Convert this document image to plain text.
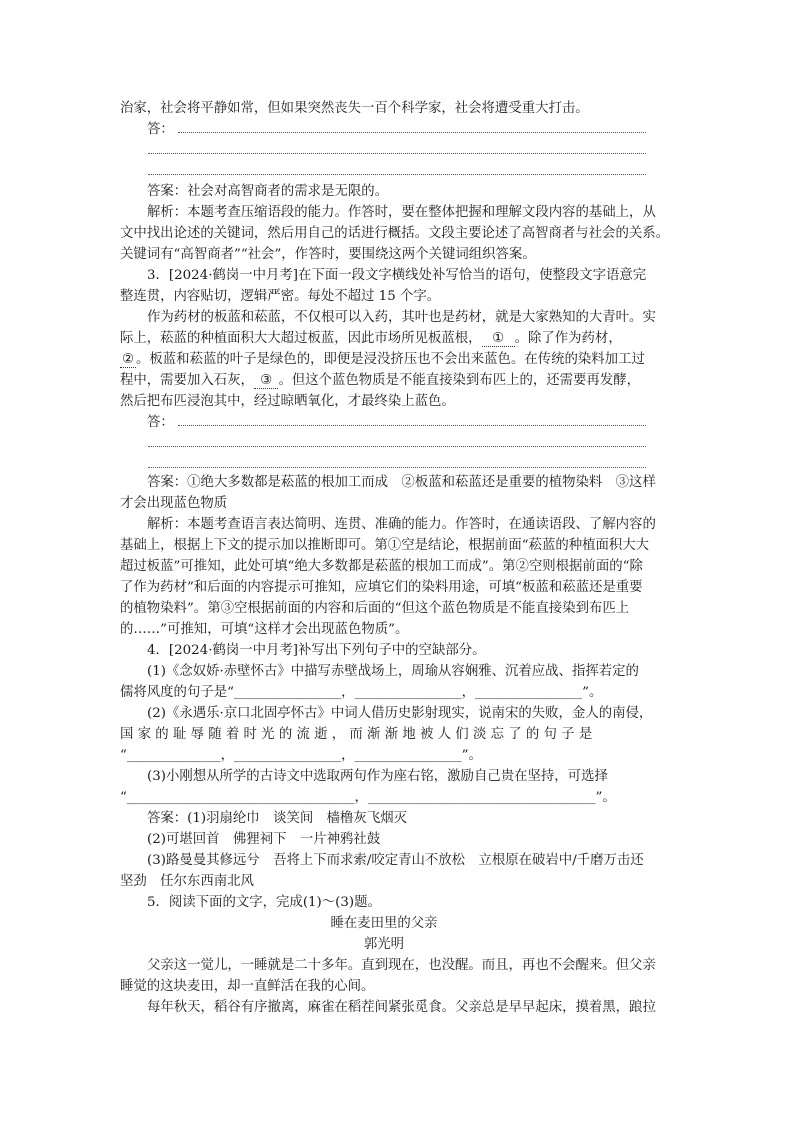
治家，社会将平静如常，但如果突然丧失一百个科学家，社会将遭受重大打击。

答：

答案：社会对高智商者的需求是无限的。

解析：本题考查压缩语段的能力。作答时，要在整体把握和理解文段内容的基础上，从

文中找出论述的关键词，然后用自己的话进行概括。文段主要论述了高智商者与社会的关系。

关键词有“高智商者”“社会”，作答时，要围绕这两个关键词组织答案。

3．[2024·鹤岗一中月考]在下面一段文字横线处补写恰当的语句，使整段文字语意完

整连贯，内容贴切，逻辑严密。每处不超过 15 个字。

作为药材的板蓝和菘蓝，不仅根可以入药，其叶也是药材，就是大家熟知的大青叶。实

际上，菘蓝的种植面积大大超过板蓝，因此市场所见板蓝根， ① 。除了作为药材，

② 。板蓝和菘蓝的叶子是绿色的，即便是浸没挤压也不会出来蓝色。在传统的染料加工过

程中，需要加入石灰， ③ 。但这个蓝色物质是不能直接染到布匹上的，还需要再发酵，

然后把布匹浸泡其中，经过晾晒氧化，才最终染上蓝色。

答：

答案：①绝大多数都是菘蓝的根加工而成　②板蓝和菘蓝还是重要的植物染料　③这样

才会出现蓝色物质

解析：本题考查语言表达简明、连贯、准确的能力。作答时，在通读语段、了解内容的

基础上，根据上下文的提示加以推断即可。第①空是结论，根据前面“菘蓝的种植面积大大

超过板蓝”可推知，此处可填“绝大多数都是菘蓝的根加工而成”。第②空则根据前面的“除

了作为药材”和后面的内容提示可推知，应填它们的染料用途，可填“板蓝和菘蓝还是重要

的植物染料”。第③空根据前面的内容和后面的“但这个蓝色物质是不能直接染到布匹上

的……”可推知，可填“这样才会出现蓝色物质”。

4．[2024·鹤岗一中月考]补写出下列句子中的空缺部分。

(1)《念奴娇·赤壁怀古》中描写赤壁战场上，周瑜从容娴雅、沉着应战、指挥若定的

儒将风度的句子是“________________，________________，________________”。

(2)《永遇乐·京口北固亭怀古》中词人借历史影射现实，说南宋的失败，金人的南侵，

国 家 的 耻 辱 随 着 时 光 的 流 逝 ， 而 渐 渐 地 被 人 们 淡 忘 了 的 句 子 是

“______________，________________，________________”。

(3)小刚想从所学的古诗文中选取两句作为座右铭，激励自己贵在坚持，可选择

“__________________________________，__________________________________”。

答案：(1)羽扇纶巾　谈笑间　樯橹灰飞烟灭

(2)可堪回首　佛狸祠下　一片神鸦社鼓

(3)路曼曼其修远兮　吾将上下而求索/咬定青山不放松　立根原在破岩中/千磨万击还

坚劲　任尔东西南北风

5．阅读下面的文字，完成(1)～(3)题。

睡在麦田里的父亲
郭光明

父亲这一觉儿，一睡就是二十多年。直到现在，也没醒。而且，再也不会醒来。但父亲

睡觉的这块麦田，却一直鲜活在我的心间。

每年秋天，稻谷有序撤离，麻雀在稻茬间紧张觅食。父亲总是早早起床，摸着黑，踉拉
